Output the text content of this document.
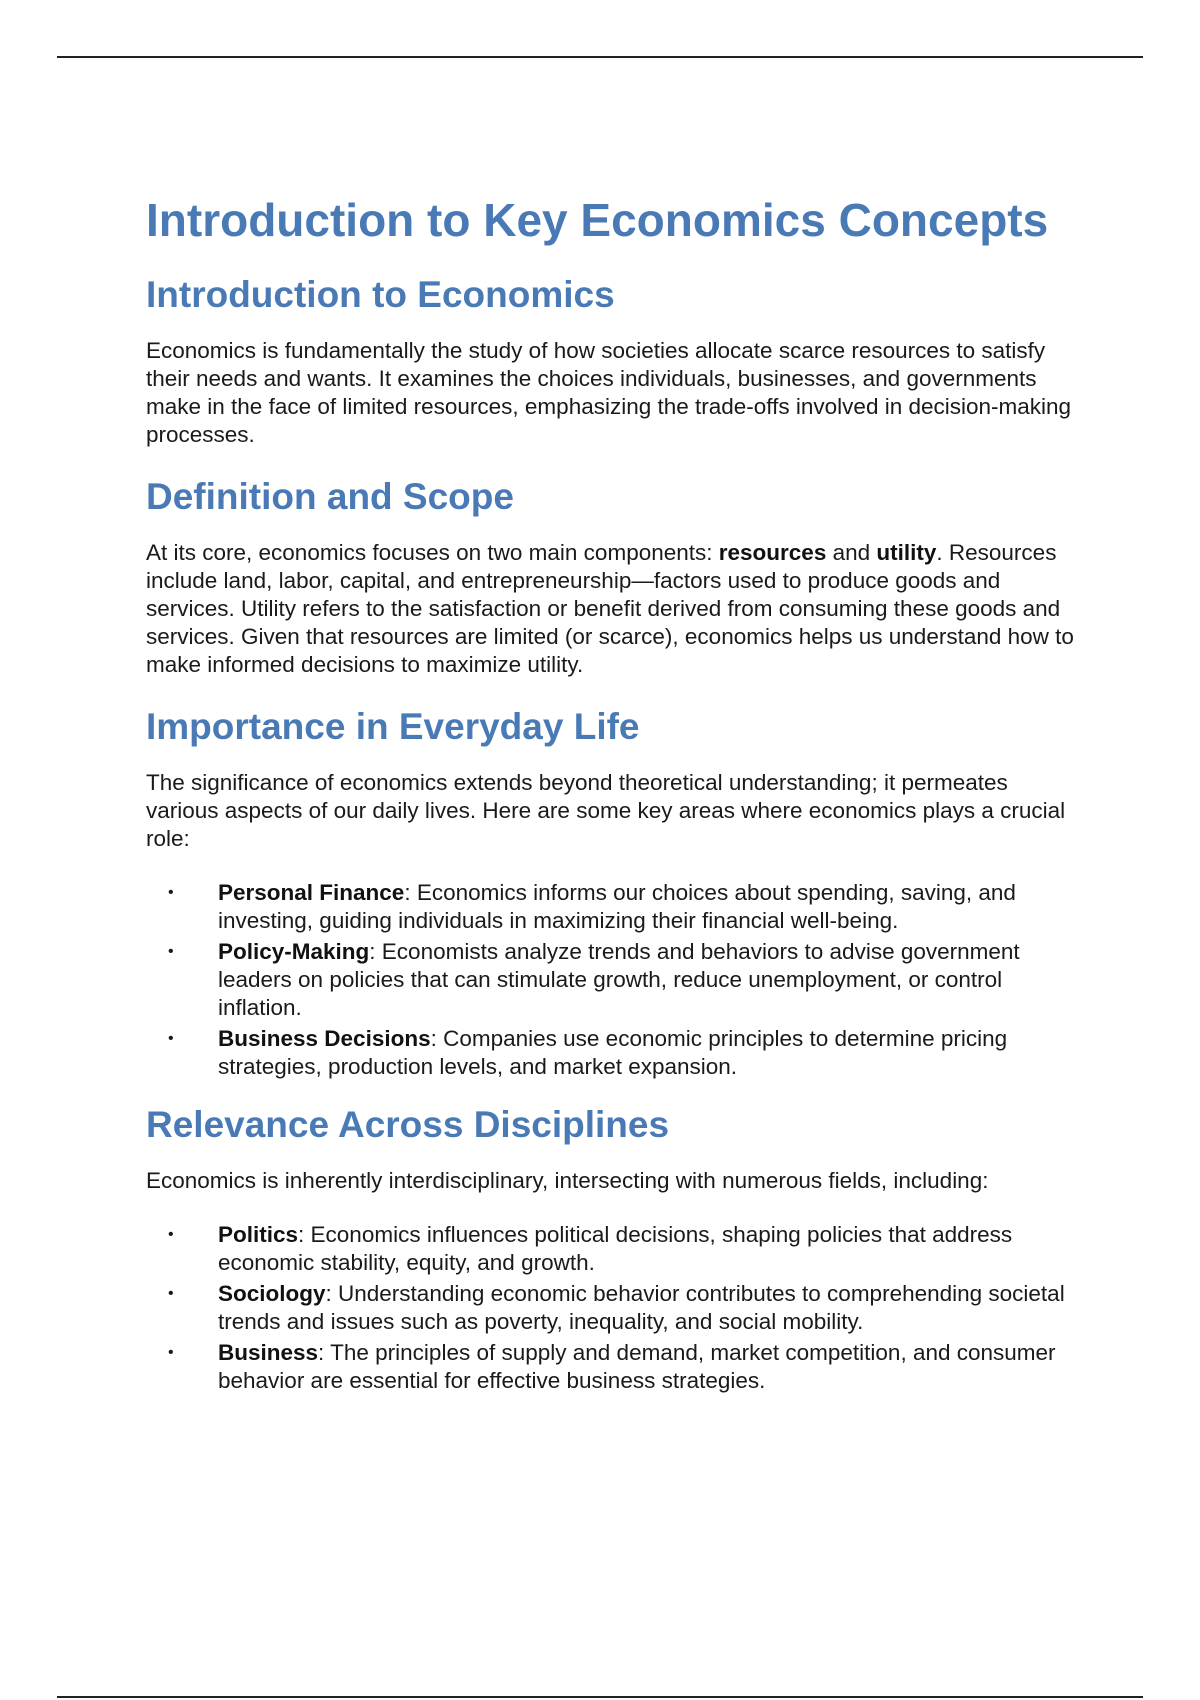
Introduction to Key Economics Concepts
Introduction to Economics

Economics is fundamentally the study of how societies allocate scarce resources to satisfy their needs and wants. It examines the choices individuals, businesses, and governments make in the face of limited resources, emphasizing the trade-offs involved in decision-making processes.

Definition and Scope

At its core, economics focuses on two main components: resources and utility. Resources include land, labor, capital, and entrepreneurship—factors used to produce goods and services. Utility refers to the satisfaction or benefit derived from consuming these goods and services. Given that resources are limited (or scarce), economics helps us understand how to make informed decisions to maximize utility.

Importance in Everyday Life

The significance of economics extends beyond theoretical understanding; it permeates various aspects of our daily lives. Here are some key areas where economics plays a crucial role:

• Personal Finance: Economics informs our choices about spending, saving, and investing, guiding individuals in maximizing their financial well-being.
• Policy-Making: Economists analyze trends and behaviors to advise government leaders on policies that can stimulate growth, reduce unemployment, or control inflation.
• Business Decisions: Companies use economic principles to determine pricing strategies, production levels, and market expansion.
Relevance Across Disciplines

Economics is inherently interdisciplinary, intersecting with numerous fields, including:

• Politics: Economics influences political decisions, shaping policies that address economic stability, equity, and growth.
• Sociology: Understanding economic behavior contributes to comprehending societal trends and issues such as poverty, inequality, and social mobility.
• Business: The principles of supply and demand, market competition, and consumer behavior are essential for effective business strategies.
